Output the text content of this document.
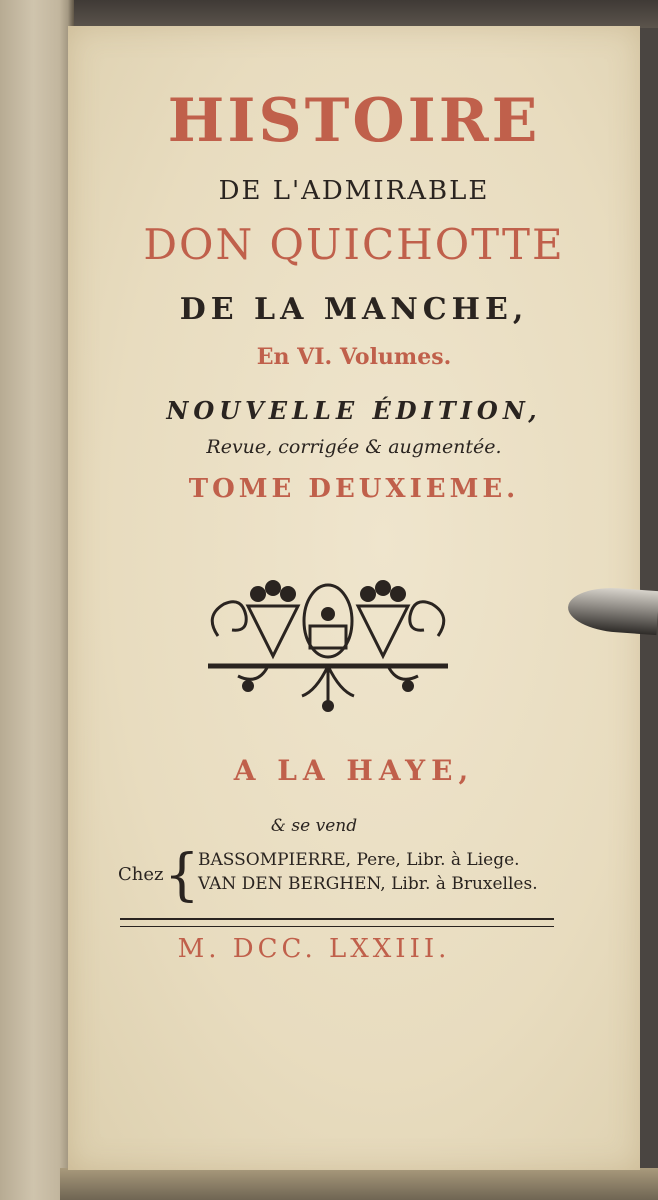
HISTOIRE
DE L'ADMIRABLE
DON QUICHOTTE
DE LA MANCHE,
En VI. Volumes.
NOUVELLE ÉDITION,
Revue, corrigée & augmentée.
TOME DEUXIEME.
A LA HAYE,
& se vend
Chez {
BASSOMPIERRE, Pere, Libr. à Liege.
VAN DEN BERGHEN, Libr. à Bruxelles.
M. DCC. LXXIII.
